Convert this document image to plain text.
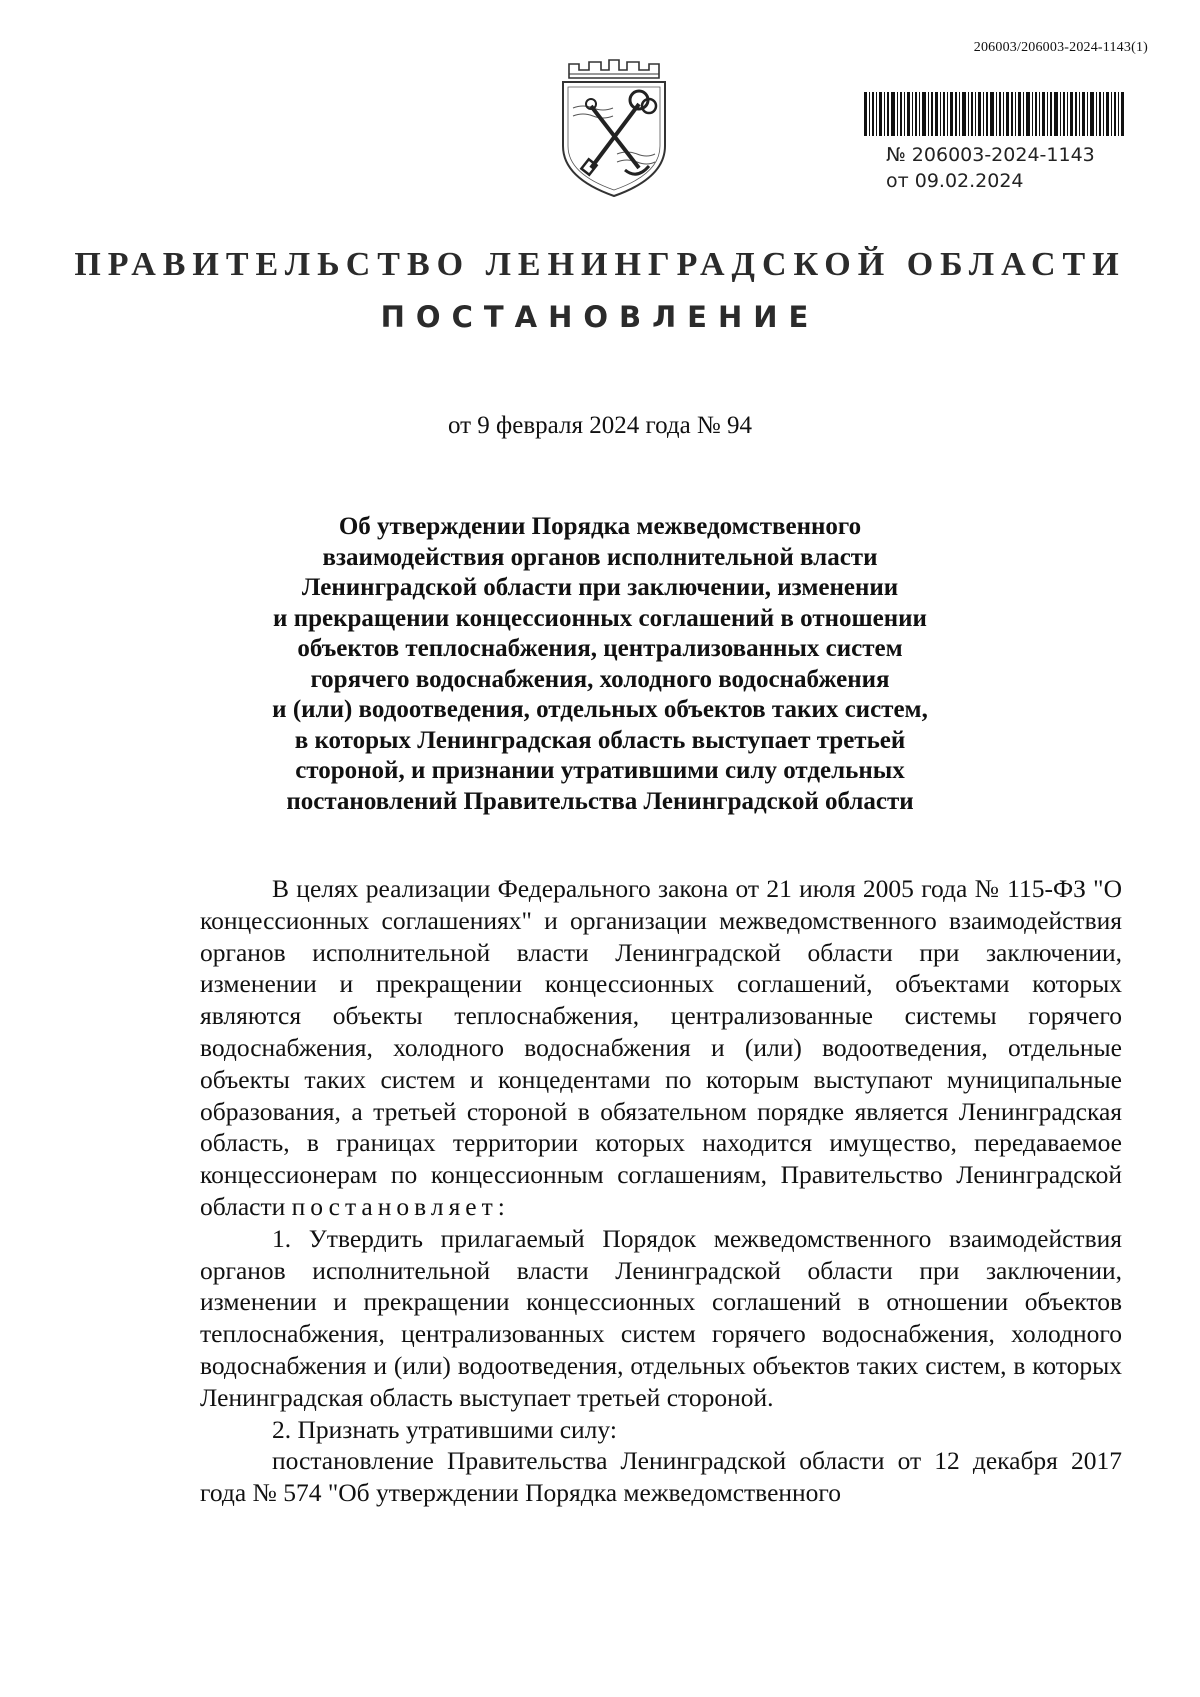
206003/206003-2024-1143(1)
№ 206003-2024-1143
от 09.02.2024
ПРАВИТЕЛЬСТВО ЛЕНИНГРАДСКОЙ ОБЛАСТИ
ПОСТАНОВЛЕНИЕ
от 9 февраля 2024 года № 94
Об утверждении Порядка межведомственного
взаимодействия органов исполнительной власти
Ленинградской области при заключении, изменении
и прекращении концессионных соглашений в отношении
объектов теплоснабжения, централизованных систем
горячего водоснабжения, холодного водоснабжения
и (или) водоотведения, отдельных объектов таких систем,
в которых Ленинградская область выступает третьей
стороной, и признании утратившими силу отдельных
постановлений Правительства Ленинградской области

В целях реализации Федерального закона от 21 июля 2005 года № 115-ФЗ "О концессионных соглашениях" и организации межведомственного взаимодействия органов исполнительной власти Ленинградской области при заключении, изменении и прекращении концессионных соглашений, объектами которых являются объекты теплоснабжения, централизованные системы горячего водоснабжения, холодного водоснабжения и (или) водоотведения, отдельные объекты таких систем и концедентами по которым выступают муниципальные образования, а третьей стороной в обязательном порядке является Ленинградская область, в границах территории которых находится имущество, передаваемое концессионерам по концессионным соглашениям, Правительство Ленинградской области постановляет:

1. Утвердить прилагаемый Порядок межведомственного взаимодействия органов исполнительной власти Ленинградской области при заключении, изменении и прекращении концессионных соглашений в отношении объектов теплоснабжения, централизованных систем горячего водоснабжения, холодного водоснабжения и (или) водоотведения, отдельных объектов таких систем, в которых Ленинградская область выступает третьей стороной.

2. Признать утратившими силу:

постановление Правительства Ленинградской области от 12 декабря 2017 года № 574 "Об утверждении Порядка межведомственного
